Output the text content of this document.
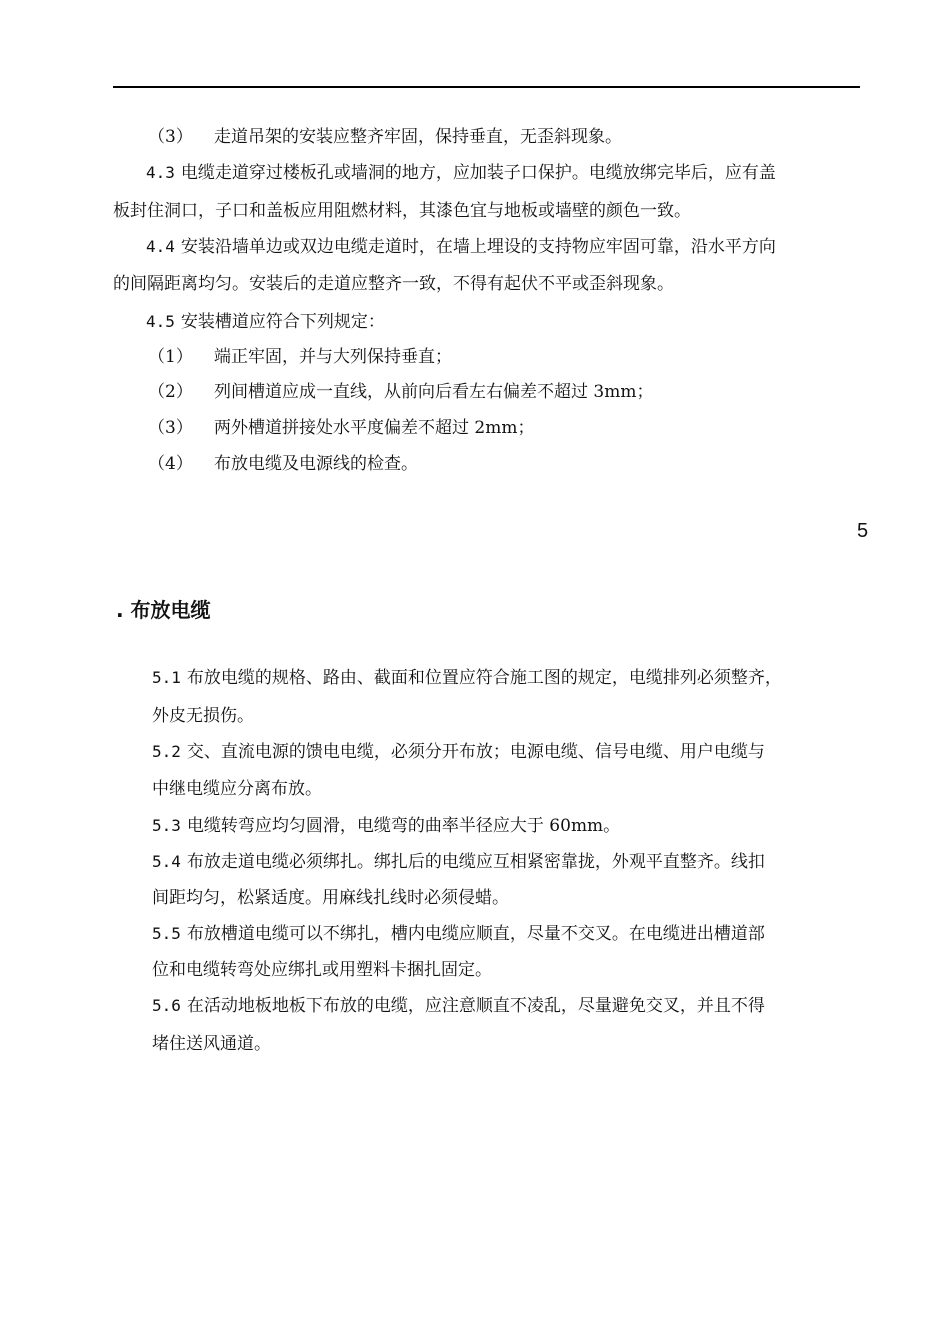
（3） 走道吊架的安装应整齐牢固，保持垂直，无歪斜现象。
4.3 电缆走道穿过楼板孔或墙洞的地方，应加装子口保护。电缆放绑完毕后，应有盖
板封住洞口，子口和盖板应用阻燃材料，其漆色宜与地板或墙壁的颜色一致。
4.4 安装沿墙单边或双边电缆走道时，在墙上埋设的支持物应牢固可靠，沿水平方向
的间隔距离均匀。安装后的走道应整齐一致，不得有起伏不平或歪斜现象。
4.5 安装槽道应符合下列规定：
（1） 端正牢固，并与大列保持垂直；
（2） 列间槽道应成一直线，从前向后看左右偏差不超过 3mm；
（3） 两外槽道拼接处水平度偏差不超过 2mm；
（4） 布放电缆及电源线的检查。
5
. 布放电缆
5.1 布放电缆的规格、路由、截面和位置应符合施工图的规定，电缆排列必须整齐，
外皮无损伤。
5.2 交、直流电源的馈电电缆，必须分开布放；电源电缆、信号电缆、用户电缆与
中继电缆应分离布放。
5.3 电缆转弯应均匀圆滑，电缆弯的曲率半径应大于 60mm。
5.4 布放走道电缆必须绑扎。绑扎后的电缆应互相紧密靠拢，外观平直整齐。线扣
间距均匀，松紧适度。用麻线扎线时必须侵蜡。
5.5 布放槽道电缆可以不绑扎，槽内电缆应顺直，尽量不交叉。在电缆进出槽道部
位和电缆转弯处应绑扎或用塑料卡捆扎固定。
5.6 在活动地板地板下布放的电缆，应注意顺直不凌乱，尽量避免交叉，并且不得
堵住送风通道。
